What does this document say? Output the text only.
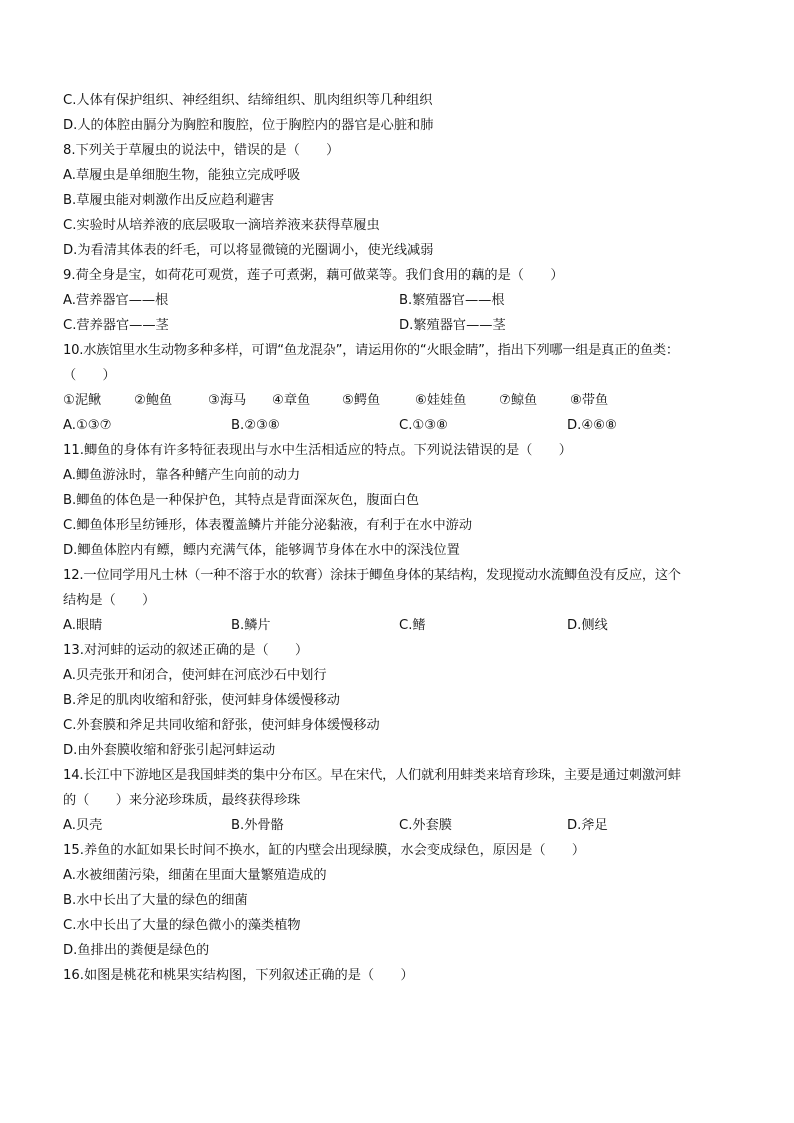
C.人体有保护组织、神经组织、结缔组织、肌肉组织等几种组织
D.人的体腔由膈分为胸腔和腹腔，位于胸腔内的器官是心脏和肺
8.下列关于草履虫的说法中，错误的是（　　）
A.草履虫是单细胞生物，能独立完成呼吸
B.草履虫能对刺激作出反应趋利避害
C.实验时从培养液的底层吸取一滴培养液来获得草履虫
D.为看清其体表的纤毛，可以将显微镜的光圈调小，使光线减弱
9.荷全身是宝，如荷花可观赏，莲子可煮粥，藕可做菜等。我们食用的藕的是（　　）
A.营养器官——根	B.繁殖器官——根
C.营养器官——茎	D.繁殖器官——茎
10.水族馆里水生动物多种多样，可谓“鱼龙混杂”，请运用你的“火眼金睛”，指出下列哪一组是真正的鱼类：
（　　）
①泥鳅	②鲍鱼	③海马	④章鱼	⑤鳄鱼	⑥娃娃鱼	⑦鲸鱼	⑧带鱼
A.①③⑦	B.②③⑧	C.①③⑧	D.④⑥⑧
11.鲫鱼的身体有许多特征表现出与水中生活相适应的特点。下列说法错误的是（　　）
A.鲫鱼游泳时，靠各种鳍产生向前的动力
B.鲫鱼的体色是一种保护色，其特点是背面深灰色，腹面白色
C.鲫鱼体形呈纺锤形，体表覆盖鳞片并能分泌黏液，有利于在水中游动
D.鲫鱼体腔内有鳔，鳔内充满气体，能够调节身体在水中的深浅位置
12.一位同学用凡士林（一种不溶于水的软膏）涂抹于鲫鱼身体的某结构，发现搅动水流鲫鱼没有反应，这个
结构是（　　）
A.眼睛	B.鳞片	C.鳍	D.侧线
13.对河蚌的运动的叙述正确的是（　　）
A.贝壳张开和闭合，使河蚌在河底沙石中划行
B.斧足的肌肉收缩和舒张，使河蚌身体缓慢移动
C.外套膜和斧足共同收缩和舒张，使河蚌身体缓慢移动
D.由外套膜收缩和舒张引起河蚌运动
14.长江中下游地区是我国蚌类的集中分布区。早在宋代，人们就利用蚌类来培育珍珠，主要是通过刺激河蚌
的（　　）来分泌珍珠质，最终获得珍珠
A.贝壳	B.外骨骼	C.外套膜	D.斧足
15.养鱼的水缸如果长时间不换水，缸的内壁会出现绿膜，水会变成绿色，原因是（　　）
A.水被细菌污染，细菌在里面大量繁殖造成的
B.水中长出了大量的绿色的细菌
C.水中长出了大量的绿色微小的藻类植物
D.鱼排出的粪便是绿色的
16.如图是桃花和桃果实结构图，下列叙述正确的是（　　）
